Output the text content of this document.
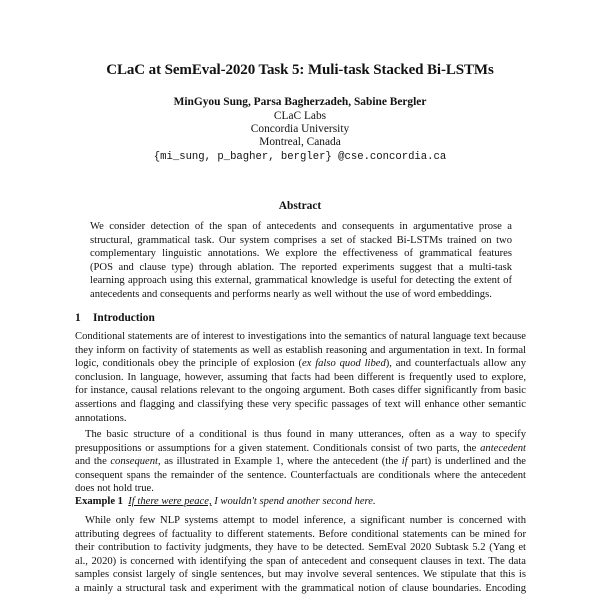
CLaC at SemEval-2020 Task 5: Muli-task Stacked Bi-LSTMs
MinGyou Sung, Parsa Bagherzadeh, Sabine Bergler
CLaC Labs
Concordia University
Montreal, Canada
{mi_sung, p_bagher, bergler} @cse.concordia.ca
Abstract
We consider detection of the span of antecedents and consequents in argumentative prose a
structural, grammatical task. Our system comprises a set of stacked Bi-LSTMs trained on two
complementary linguistic annotations. We explore the effectiveness of grammatical features
(POS and clause type) through ablation. The reported experiments suggest that a multi-task
learning approach using this external, grammatical knowledge is useful for detecting the extent of
antecedents and consequents and performs nearly as well without the use of word embeddings.
1 Introduction
Conditional statements are of interest to investigations into the semantics of natural language text because
they inform on factivity of statements as well as establish reasoning and argumentation in text. In formal
logic, conditionals obey the principle of explosion (ex falso quod libed), and counterfactuals allow any
conclusion. In language, however, assuming that facts had been different is frequently used to explore,
for instance, causal relations relevant to the ongoing argument. Both cases differ significantly from basic
assertions and flagging and classifying these very specific passages of text will enhance other semantic
annotations.
The basic structure of a conditional is thus found in many utterances, often as a way to specify
presuppositions or assumptions for a given statement. Conditionals consist of two parts, the antecedent
and the consequent, as illustrated in Example 1, where the antecedent (the if part) is underlined and the
consequent spans the remainder of the sentence. Counterfactuals are conditionals where the antecedent
does not hold true.
Example 1 If there were peace, I wouldn't spend another second here.
While only few NLP systems attempt to model inference, a significant number is concerned with
attributing degrees of factuality to different statements. Before conditional statements can be mined for
their contribution to factivity judgments, they have to be detected. SemEval 2020 Subtask 5.2 (Yang et
al., 2020) is concerned with identifying the span of antecedent and consequent clauses in text. The data
samples consist largely of single sentences, but may involve several sentences. We stipulate that this is
a mainly a structural task and experiment with the grammatical notion of clause boundaries. Encoding
